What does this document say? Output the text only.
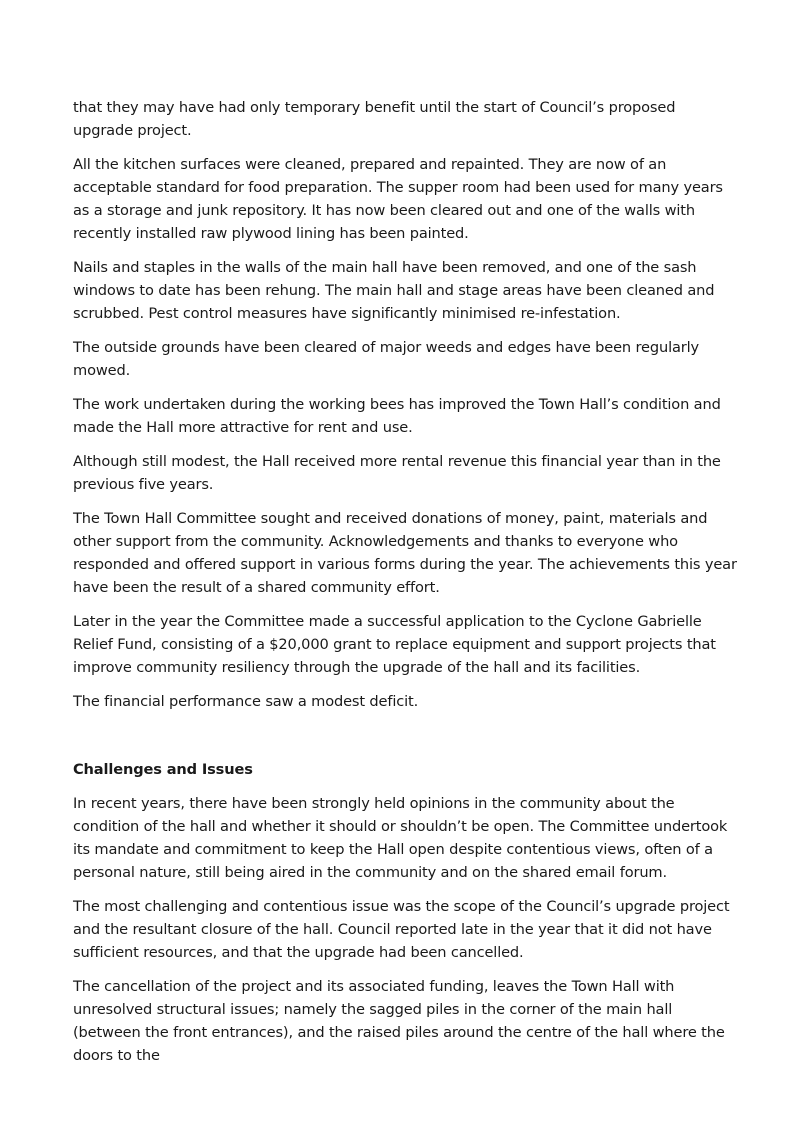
that they may have had only temporary benefit until the start of Council’s proposed upgrade project.

All the kitchen surfaces were cleaned, prepared and repainted. They are now of an acceptable standard for food preparation. The supper room had been used for many years as a storage and junk repository. It has now been cleared out and one of the walls with recently installed raw plywood lining has been painted.

Nails and staples in the walls of the main hall have been removed, and one of the sash windows to date has been rehung. The main hall and stage areas have been cleaned and scrubbed. Pest control measures have significantly minimised re-infestation.

The outside grounds have been cleared of major weeds and edges have been regularly mowed.

The work undertaken during the working bees has improved the Town Hall’s condition and made the Hall more attractive for rent and use.

Although still modest, the Hall received more rental revenue this financial year than in the previous five years.

The Town Hall Committee sought and received donations of money, paint, materials and other support from the community. Acknowledgements and thanks to everyone who responded and offered support in various forms during the year. The achievements this year have been the result of a shared community effort.

Later in the year the Committee made a successful application to the Cyclone Gabrielle Relief Fund, consisting of a $20,000 grant to replace equipment and support projects that improve community resiliency through the upgrade of the hall and its facilities.

The financial performance saw a modest deficit.

Challenges and Issues

In recent years, there have been strongly held opinions in the community about the condition of the hall and whether it should or shouldn’t be open. The Committee undertook its mandate and commitment to keep the Hall open despite contentious views, often of a personal nature, still being aired in the community and on the shared email forum.

The most challenging and contentious issue was the scope of the Council’s upgrade project and the resultant closure of the hall. Council reported late in the year that it did not have sufficient resources, and that the upgrade had been cancelled.

The cancellation of the project and its associated funding, leaves the Town Hall with unresolved structural issues; namely the sagged piles in the corner of the main hall (between the front entrances), and the raised piles around the centre of the hall where the doors to the
